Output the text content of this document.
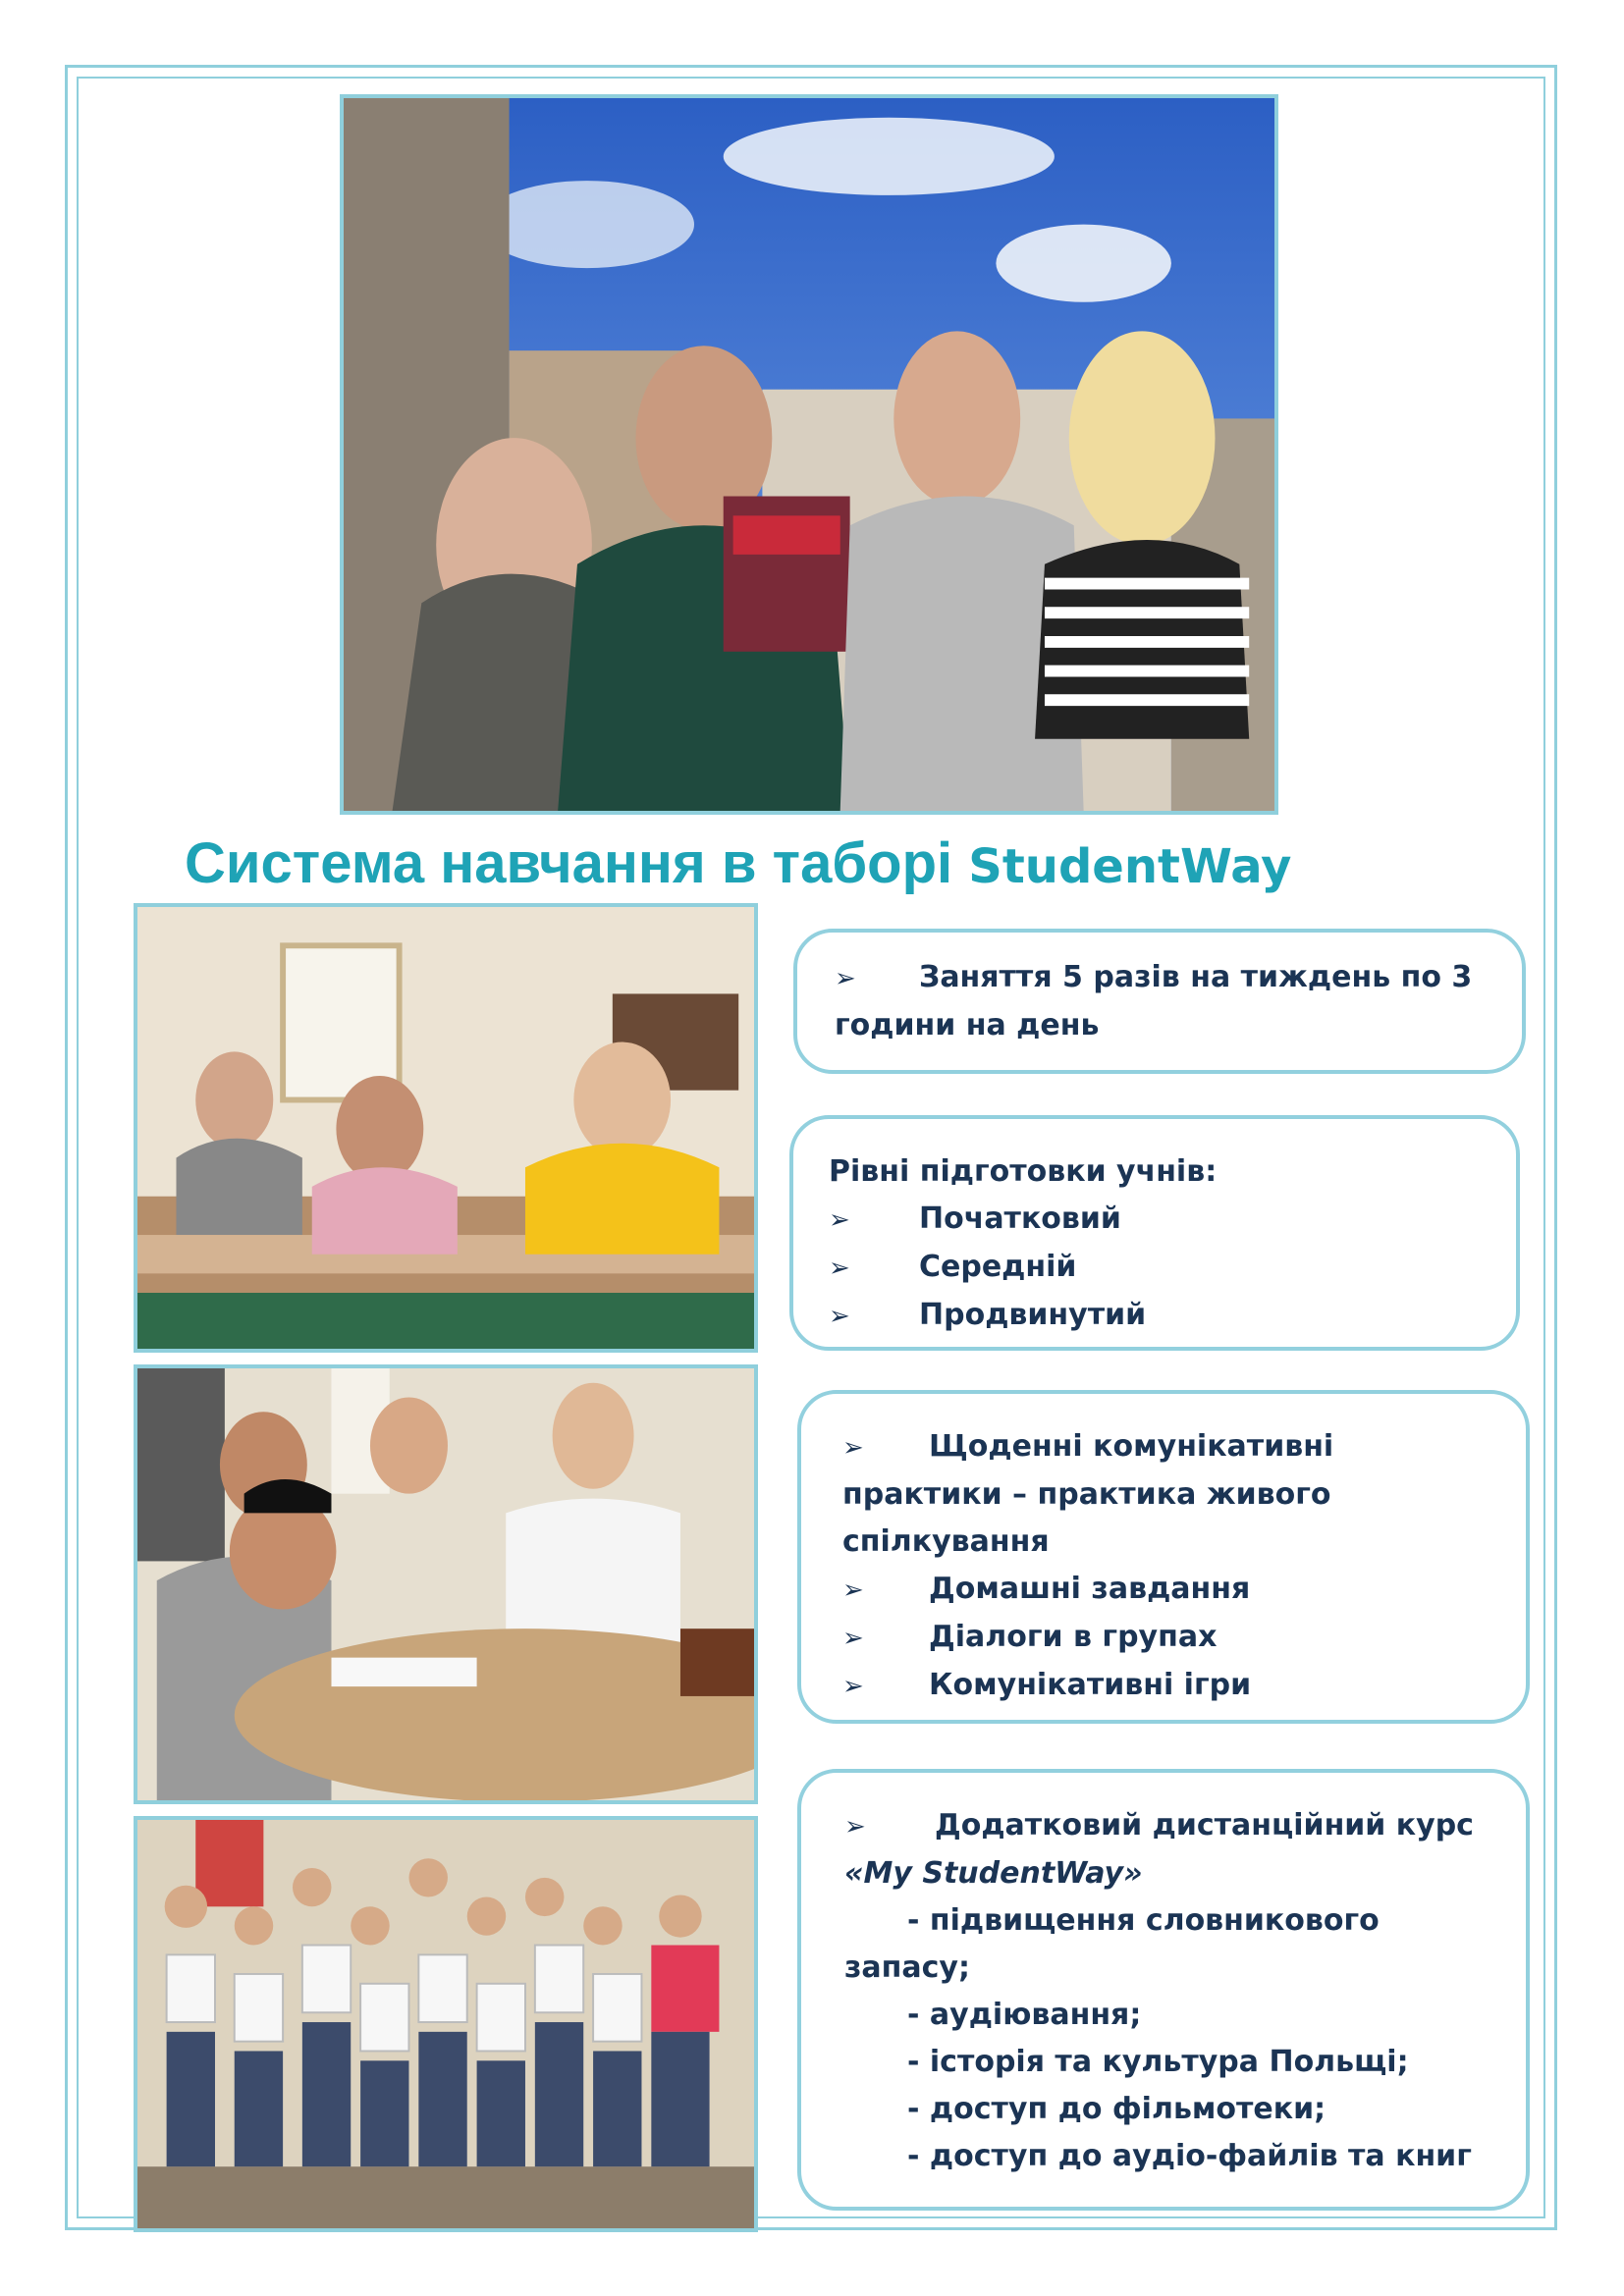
Система навчання в таборі StudentWay
➢ Заняття 5 разів на тиждень по 3
години на день
Рівні підготовки учнів:
➢ Початковий
➢ Середній
➢ Продвинутий
➢ Щоденні комунікативні
практики – практика живого
спілкування
➢ Домашні завдання
➢ Діалоги в групах
➢ Комунікативні ігри
➢ Додатковий дистанційний курс
«My StudentWay»
- підвищення словникового
запасу;
- аудіювання;
- історія та культура Польщі;
- доступ до фільмотеки;
- доступ до аудіо-файлів та книг
